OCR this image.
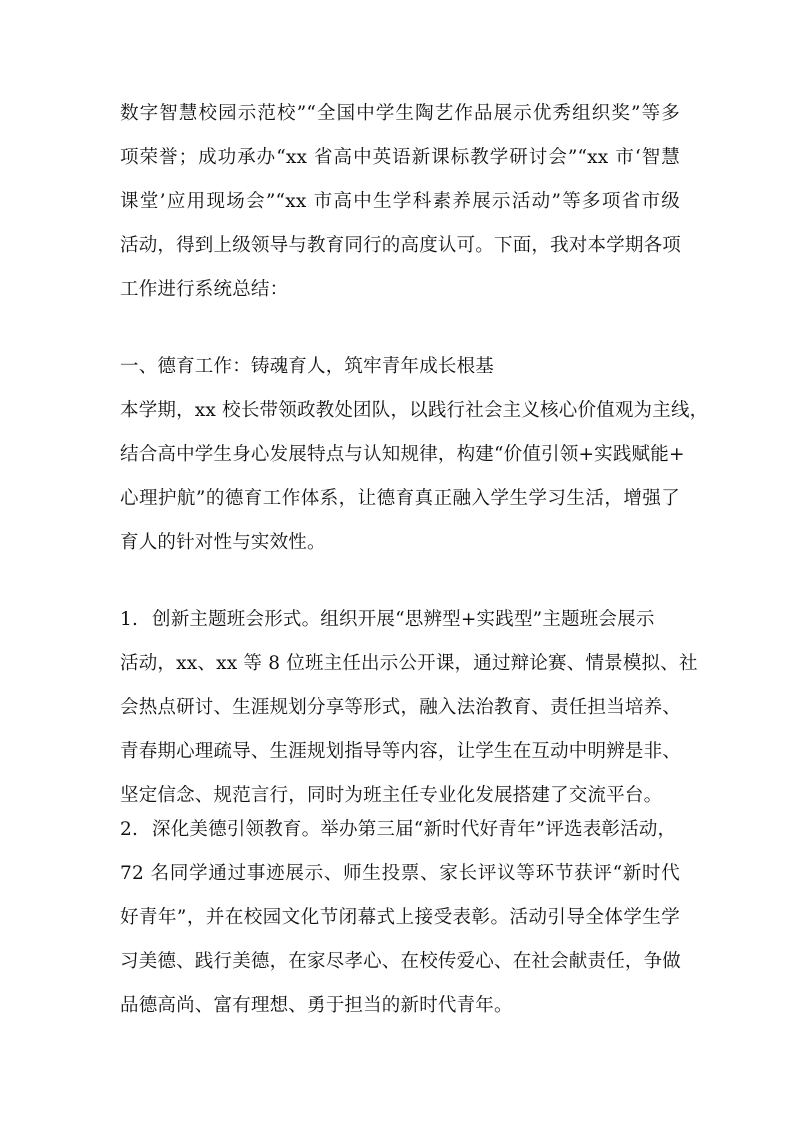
数字智慧校园示范校”“全国中学生陶艺作品展示优秀组织奖”等多
项荣誉；成功承办“xx 省高中英语新课标教学研讨会”“xx 市‘智慧
课堂’应用现场会”“xx 市高中生学科素养展示活动”等多项省市级
活动，得到上级领导与教育同行的高度认可。下面，我对本学期各项
工作进行系统总结：
一、德育工作：铸魂育人，筑牢青年成长根基
本学期，xx 校长带领政教处团队，以践行社会主义核心价值观为主线，
结合高中学生身心发展特点与认知规律，构建“价值引领+实践赋能+
心理护航”的德育工作体系，让德育真正融入学生学习生活，增强了
育人的针对性与实效性。
1. 创新主题班会形式。组织开展“思辨型+实践型”主题班会展示
活动，xx、xx 等 8 位班主任出示公开课，通过辩论赛、情景模拟、社
会热点研讨、生涯规划分享等形式，融入法治教育、责任担当培养、
青春期心理疏导、生涯规划指导等内容，让学生在互动中明辨是非、
坚定信念、规范言行，同时为班主任专业化发展搭建了交流平台。
2. 深化美德引领教育。举办第三届“新时代好青年”评选表彰活动，
72 名同学通过事迹展示、师生投票、家长评议等环节获评“新时代
好青年”，并在校园文化节闭幕式上接受表彰。活动引导全体学生学
习美德、践行美德，在家尽孝心、在校传爱心、在社会献责任，争做
品德高尚、富有理想、勇于担当的新时代青年。
